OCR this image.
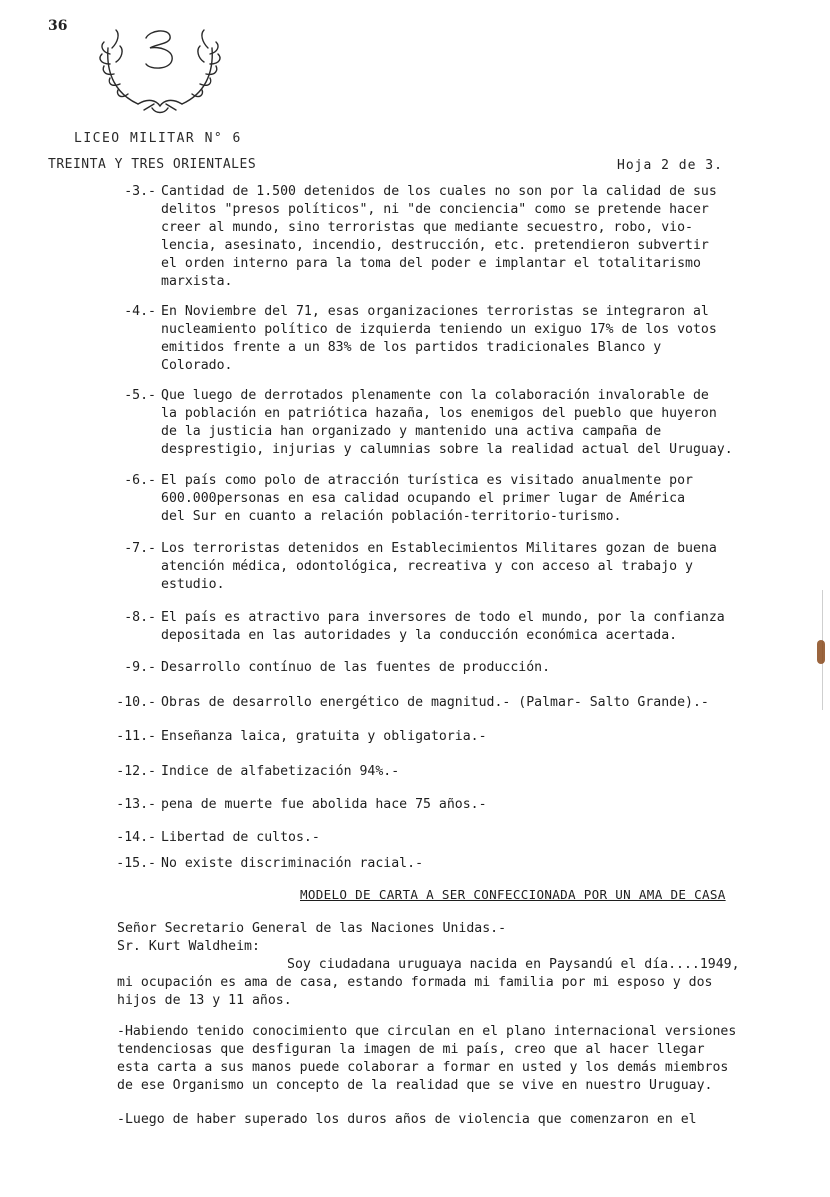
36
LICEO MILITAR N° 6
TREINTA Y TRES ORIENTALES	Hoja 2 de 3.
-3.- Cantidad de 1.500 detenidos de los cuales no son por la calidad de sus
delitos "presos políticos", ni "de conciencia" como se pretende hacer
creer al mundo, sino terroristas que mediante secuestro, robo, vio-
lencia, asesinato, incendio, destrucción, etc. pretendieron subvertir
el orden interno para la toma del poder e implantar el totalitarismo
marxista.
-4.- En Noviembre del 71, esas organizaciones terroristas se integraron al
nucleamiento político de izquierda teniendo un exiguo 17% de los votos
emitidos frente a un 83% de los partidos tradicionales Blanco y
Colorado.
-5.- Que luego de derrotados plenamente con la colaboración invalorable de
la población en patriótica hazaña, los enemigos del pueblo que huyeron
de la justicia han organizado y mantenido una activa campaña de
desprestigio, injurias y calumnias sobre la realidad actual del Uruguay.
-6.- El país como polo de atracción turística es visitado anualmente por
600.000personas en esa calidad ocupando el primer lugar de América
del Sur en cuanto a relación población-territorio-turismo.
-7.- Los terroristas detenidos en Establecimientos Militares gozan de buena
atención médica, odontológica, recreativa y con acceso al trabajo y
estudio.
-8.- El país es atractivo para inversores de todo el mundo, por la confianza
depositada en las autoridades y la conducción económica acertada.
-9.- Desarrollo contínuo de las fuentes de producción.
-10.- Obras de desarrollo energético de magnitud.- (Palmar- Salto Grande).-
-11.- Enseñanza laica, gratuita y obligatoria.-
-12.- Indice de alfabetización 94%.-
-13.- pena de muerte fue abolida hace 75 años.-
-14.- Libertad de cultos.-
-15.- No existe discriminación racial.-
MODELO DE CARTA A SER CONFECCIONADA POR UN AMA DE CASA
Señor Secretario General de las Naciones Unidas.-
Sr. Kurt Waldheim:
Soy ciudadana uruguaya nacida en Paysandú el día....1949,
mi ocupación es ama de casa, estando formada mi familia por mi esposo y dos
hijos de 13 y 11 años.
-Habiendo tenido conocimiento que circulan en el plano internacional versiones
tendenciosas que desfiguran la imagen de mi país, creo que al hacer llegar
esta carta a sus manos puede colaborar a formar en usted y los demás miembros
de ese Organismo un concepto de la realidad que se vive en nuestro Uruguay.
-Luego de haber superado los duros años de violencia que comenzaron en el
